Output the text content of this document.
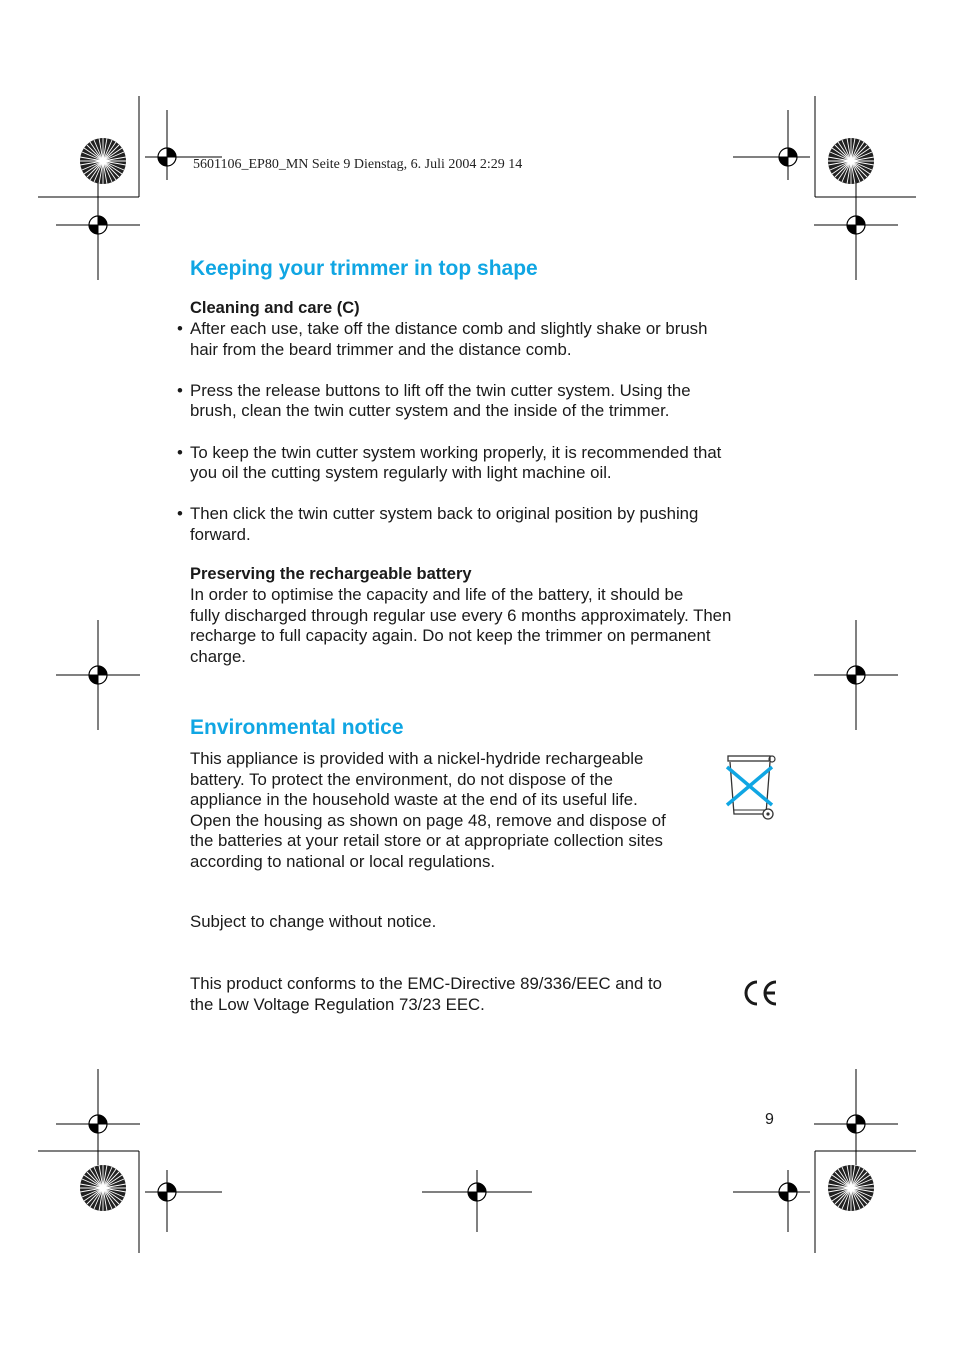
5601106_EP80_MN Seite 9 Dienstag, 6. Juli 2004 2:29 14
Keeping your trimmer in top shape
Cleaning and care (C)
• After each use, take off the distance comb and slightly shake or brush
hair from the beard trimmer and the distance comb.
• Press the release buttons to lift off the twin cutter system. Using the
brush, clean the twin cutter system and the inside of the trimmer.
• To keep the twin cutter system working properly, it is recommended that
you oil the cutting system regularly with light machine oil.
• Then click the twin cutter system back to original position by pushing
forward.
Preserving the rechargeable battery
In order to optimise the capacity and life of the battery, it should be
fully discharged through regular use every 6 months approximately. Then
recharge to full capacity again. Do not keep the trimmer on permanent
charge.
Environmental notice
This appliance is provided with a nickel-hydride rechargeable
battery. To protect the environment, do not dispose of the
appliance in the household waste at the end of its useful life.
Open the housing as shown on page 48, remove and dispose of
the batteries at your retail store or at appropriate collection sites
according to national or local regulations.
Subject to change without notice.
This product conforms to the EMC-Directive 89/336/EEC and to
the Low Voltage Regulation 73/23 EEC.
9
